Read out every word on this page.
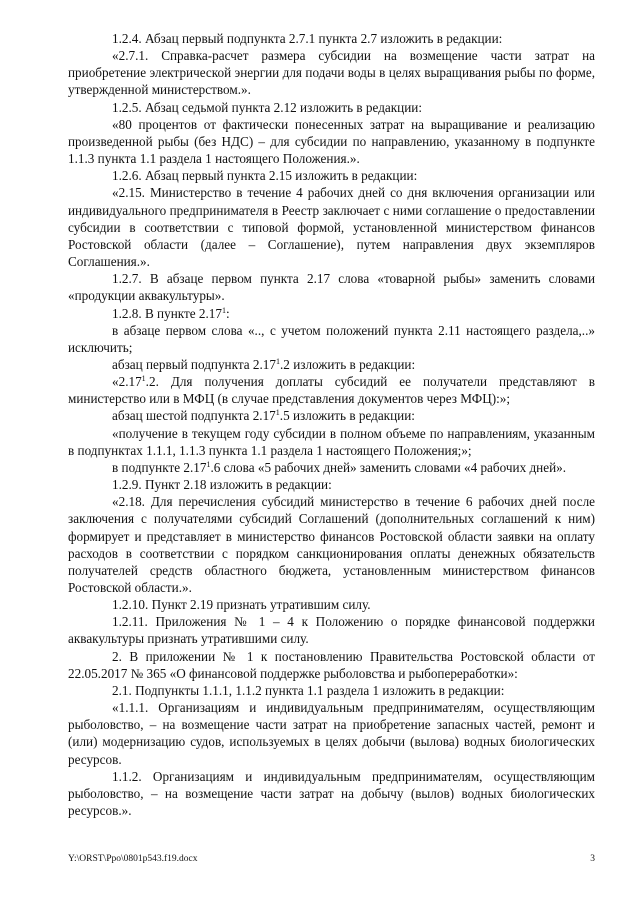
1.2.4. Абзац первый подпункта 2.7.1 пункта 2.7 изложить в редакции:

«2.7.1. Справка-расчет размера субсидии на возмещение части затрат на приобретение электрической энергии для подачи воды в целях выращивания рыбы по форме, утвержденной министерством.».

1.2.5. Абзац седьмой пункта 2.12 изложить в редакции:

«80 процентов от фактически понесенных затрат на выращивание и реализацию произведенной рыбы (без НДС) – для субсидии по направлению, указанному в подпункте 1.1.3 пункта 1.1 раздела 1 настоящего Положения.».

1.2.6. Абзац первый пункта 2.15 изложить в редакции:

«2.15. Министерство в течение 4 рабочих дней со дня включения организации или индивидуального предпринимателя в Реестр заключает с ними соглашение о предоставлении субсидии в соответствии с типовой формой, установленной министерством финансов Ростовской области (далее – Соглашение), путем направления двух экземпляров Соглашения.».

1.2.7. В абзаце первом пункта 2.17 слова «товарной рыбы» заменить словами «продукции аквакультуры».

1.2.8. В пункте 2.17$^1$:

в абзаце первом слова «.., с учетом положений пункта 2.11 настоящего раздела,..» исключить;

абзац первый подпункта 2.17$^1$.2 изложить в редакции:

«2.17$^1$.2. Для получения доплаты субсидий ее получатели представляют в министерство или в МФЦ (в случае представления документов через МФЦ):»;

абзац шестой подпункта 2.17$^1$.5 изложить в редакции:

«получение в текущем году субсидии в полном объеме по направлениям, указанным в подпунктах 1.1.1, 1.1.3 пункта 1.1 раздела 1 настоящего Положения;»;

в подпункте 2.17$^1$.6 слова «5 рабочих дней» заменить словами «4 рабочих дней».

1.2.9. Пункт 2.18 изложить в редакции:

«2.18. Для перечисления субсидий министерство в течение 6 рабочих дней после заключения с получателями субсидий Соглашений (дополнительных соглашений к ним) формирует и представляет в министерство финансов Ростовской области заявки на оплату расходов в соответствии с порядком санкционирования оплаты денежных обязательств получателей средств областного бюджета, установленным министерством финансов Ростовской области.».

1.2.10. Пункт 2.19 признать утратившим силу.

1.2.11. Приложения № 1 – 4 к Положению о порядке финансовой поддержки аквакультуры признать утратившими силу.

2. В приложении № 1 к постановлению Правительства Ростовской области от 22.05.2017 № 365 «О финансовой поддержке рыболовства и рыбопереработки»:

2.1. Подпункты 1.1.1, 1.1.2 пункта 1.1 раздела 1 изложить в редакции:

«1.1.1. Организациям и индивидуальным предпринимателям, осуществляющим рыболовство, – на возмещение части затрат на приобретение запасных частей, ремонт и (или) модернизацию судов, используемых в целях добычи (вылова) водных биологических ресурсов.

1.1.2. Организациям и индивидуальным предпринимателям, осуществляющим рыболовство, – на возмещение части затрат на добычу (вылов) водных биологических ресурсов.».

Y:\ORST\Ppo\0801p543.f19.docx	3
